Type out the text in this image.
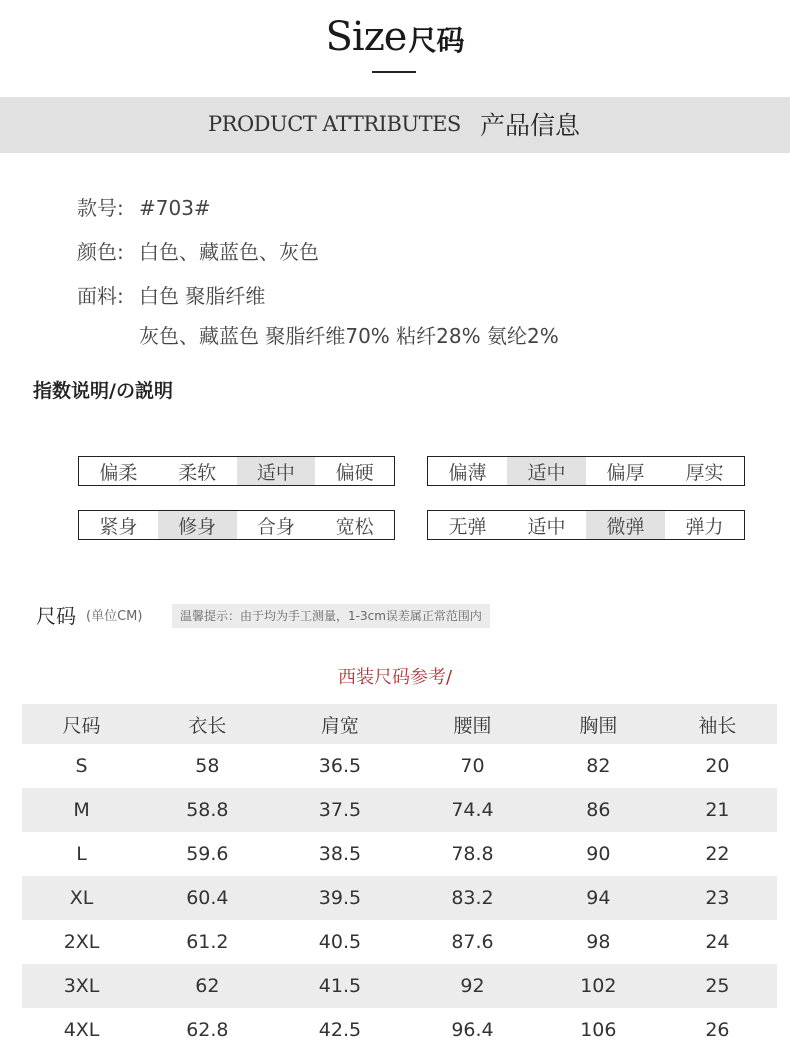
Size尺码
PRODUCT ATTRIBUTES 产品信息
款号: #703#
颜色: 白色、藏蓝色、灰色
面料: 白色 聚脂纤维
灰色、藏蓝色 聚脂纤维70% 粘纤28% 氨纶2%
指数说明/の説明
偏柔	柔软	适中	偏硬	偏薄	适中	偏厚	厚实
紧身	修身	合身	宽松	无弹	适中	微弹	弹力
尺码 (单位CM)	温馨提示：由于均为手工测量，1-3cm误差属正常范围内
西装尺码参考/
尺码	衣长	肩宽	腰围	胸围	袖长
S	58	36.5	70	82	20
M	58.8	37.5	74.4	86	21
L	59.6	38.5	78.8	90	22
XL	60.4	39.5	83.2	94	23
2XL	61.2	40.5	87.6	98	24
3XL	62	41.5	92	102	25
4XL	62.8	42.5	96.4	106	26
